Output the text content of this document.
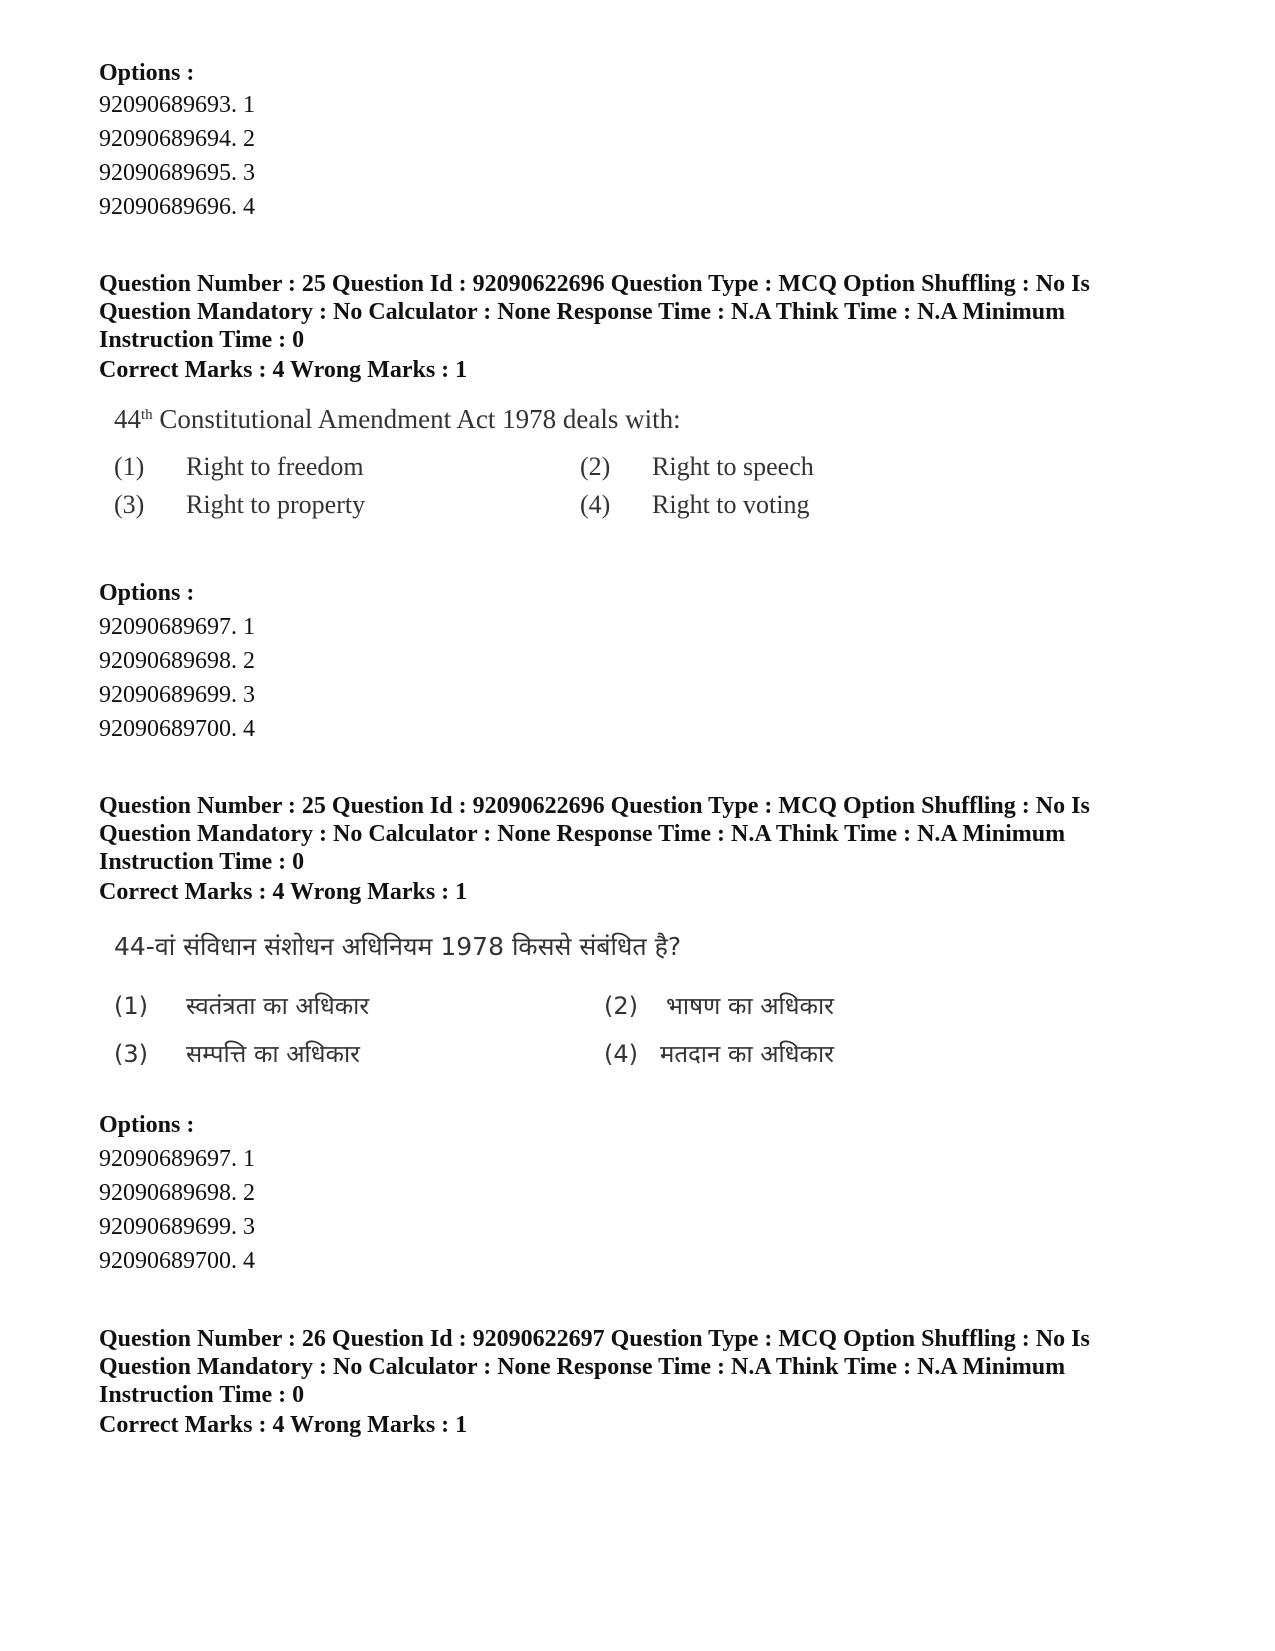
Options :
92090689693. 1
92090689694. 2
92090689695. 3
92090689696. 4
Question Number : 25 Question Id : 92090622696 Question Type : MCQ Option Shuffling : No Is
Question Mandatory : No Calculator : None Response Time : N.A Think Time : N.A Minimum
Instruction Time : 0
Correct Marks : 4 Wrong Marks : 1
44th Constitutional Amendment Act 1978 deals with:
(1) Right to freedom	(2) Right to speech
(3) Right to property	(4) Right to voting
Options :
92090689697. 1
92090689698. 2
92090689699. 3
92090689700. 4
Question Number : 25 Question Id : 92090622696 Question Type : MCQ Option Shuffling : No Is
Question Mandatory : No Calculator : None Response Time : N.A Think Time : N.A Minimum
Instruction Time : 0
Correct Marks : 4 Wrong Marks : 1
44-वां संविधान संशोधन अधिनियम 1978 किससे संबंधित है?
(1) स्वतंत्रता का अधिकार	(2) भाषण का अधिकार
(3) सम्पत्ति का अधिकार	(4) मतदान का अधिकार
Options :
92090689697. 1
92090689698. 2
92090689699. 3
92090689700. 4
Question Number : 26 Question Id : 92090622697 Question Type : MCQ Option Shuffling : No Is
Question Mandatory : No Calculator : None Response Time : N.A Think Time : N.A Minimum
Instruction Time : 0
Correct Marks : 4 Wrong Marks : 1
